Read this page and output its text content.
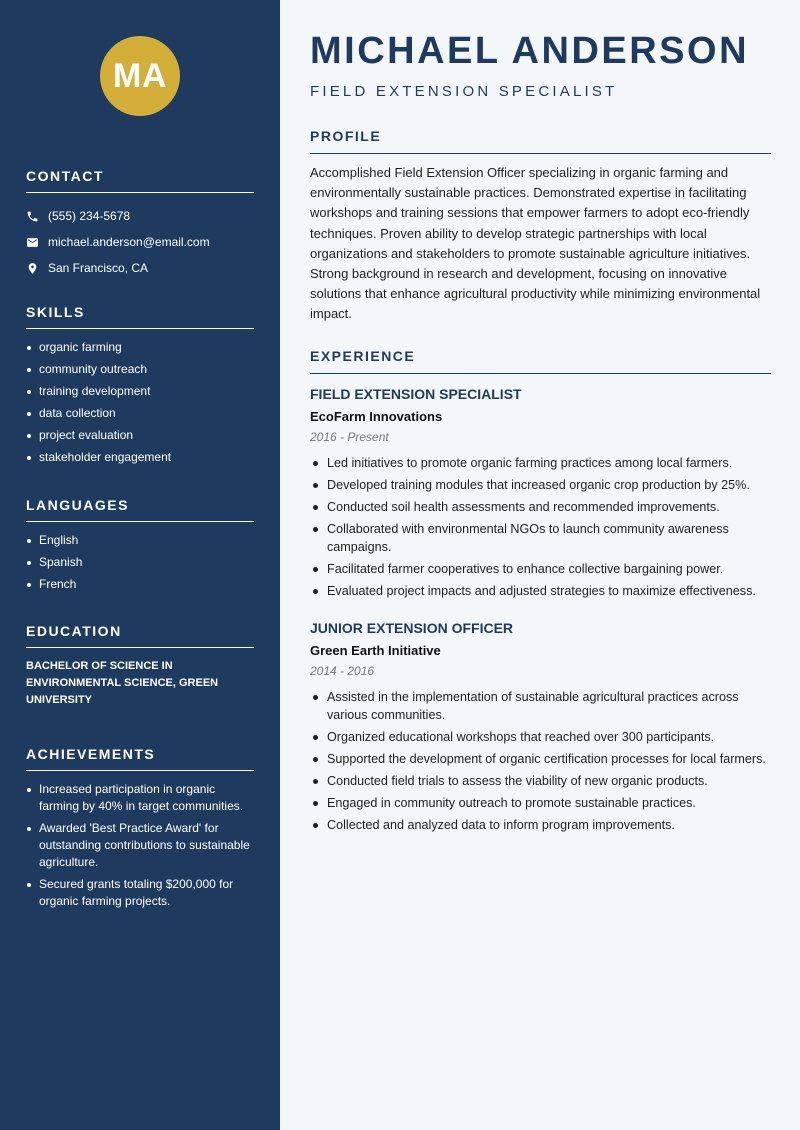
MA
CONTACT
(555) 234-5678
michael.anderson@email.com
San Francisco, CA
SKILLS
organic farming
community outreach
training development
data collection
project evaluation
stakeholder engagement
LANGUAGES
English
Spanish
French
EDUCATION
BACHELOR OF SCIENCE IN ENVIRONMENTAL SCIENCE, GREEN UNIVERSITY
ACHIEVEMENTS
Increased participation in organic farming by 40% in target communities.
Awarded 'Best Practice Award' for outstanding contributions to sustainable agriculture.
Secured grants totaling $200,000 for organic farming projects.
MICHAEL ANDERSON
FIELD EXTENSION SPECIALIST
PROFILE

Accomplished Field Extension Officer specializing in organic farming and environmentally sustainable practices. Demonstrated expertise in facilitating workshops and training sessions that empower farmers to adopt eco-friendly techniques. Proven ability to develop strategic partnerships with local organizations and stakeholders to promote sustainable agriculture initiatives. Strong background in research and development, focusing on innovative solutions that enhance agricultural productivity while minimizing environmental impact.

EXPERIENCE
FIELD EXTENSION SPECIALIST
EcoFarm Innovations
2016 - Present
Led initiatives to promote organic farming practices among local farmers.
Developed training modules that increased organic crop production by 25%.
Conducted soil health assessments and recommended improvements.
Collaborated with environmental NGOs to launch community awareness campaigns.
Facilitated farmer cooperatives to enhance collective bargaining power.
Evaluated project impacts and adjusted strategies to maximize effectiveness.
JUNIOR EXTENSION OFFICER
Green Earth Initiative
2014 - 2016
Assisted in the implementation of sustainable agricultural practices across various communities.
Organized educational workshops that reached over 300 participants.
Supported the development of organic certification processes for local farmers.
Conducted field trials to assess the viability of new organic products.
Engaged in community outreach to promote sustainable practices.
Collected and analyzed data to inform program improvements.
